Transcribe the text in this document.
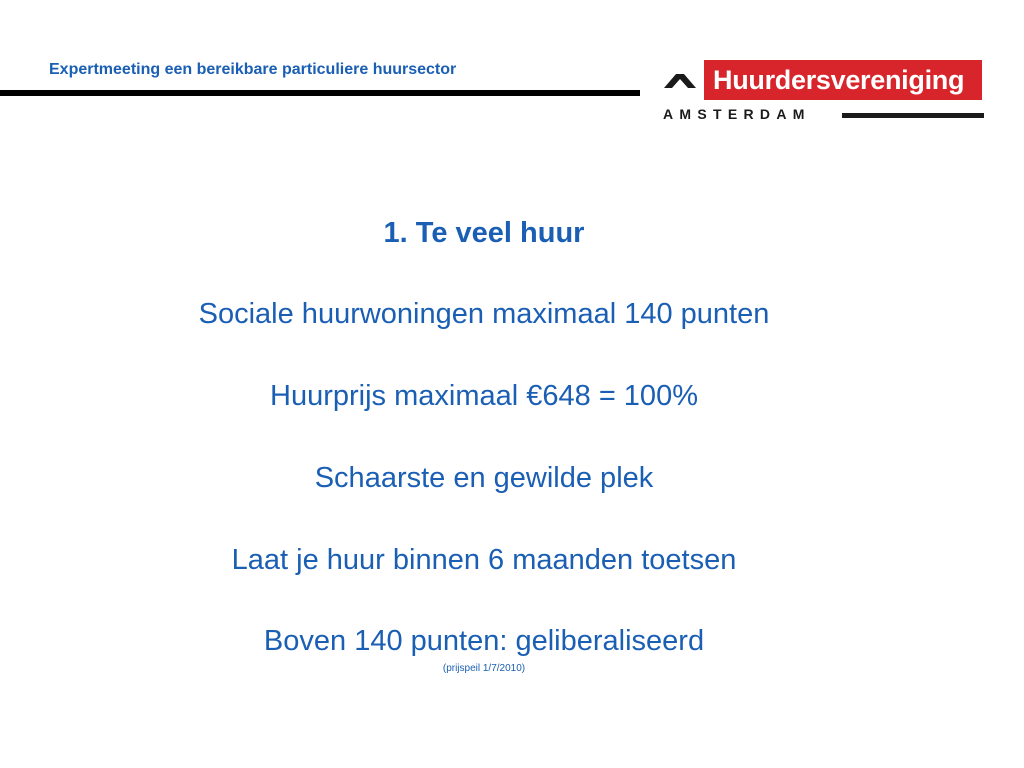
Expertmeeting een bereikbare particuliere huursector	Huurdersvereniging
AMSTERDAM
1. Te veel huur
Sociale huurwoningen maximaal 140 punten
Huurprijs maximaal €648 = 100%
Schaarste en gewilde plek
Laat je huur binnen 6 maanden toetsen
Boven 140 punten: geliberaliseerd
(prijspeil 1/7/2010)
